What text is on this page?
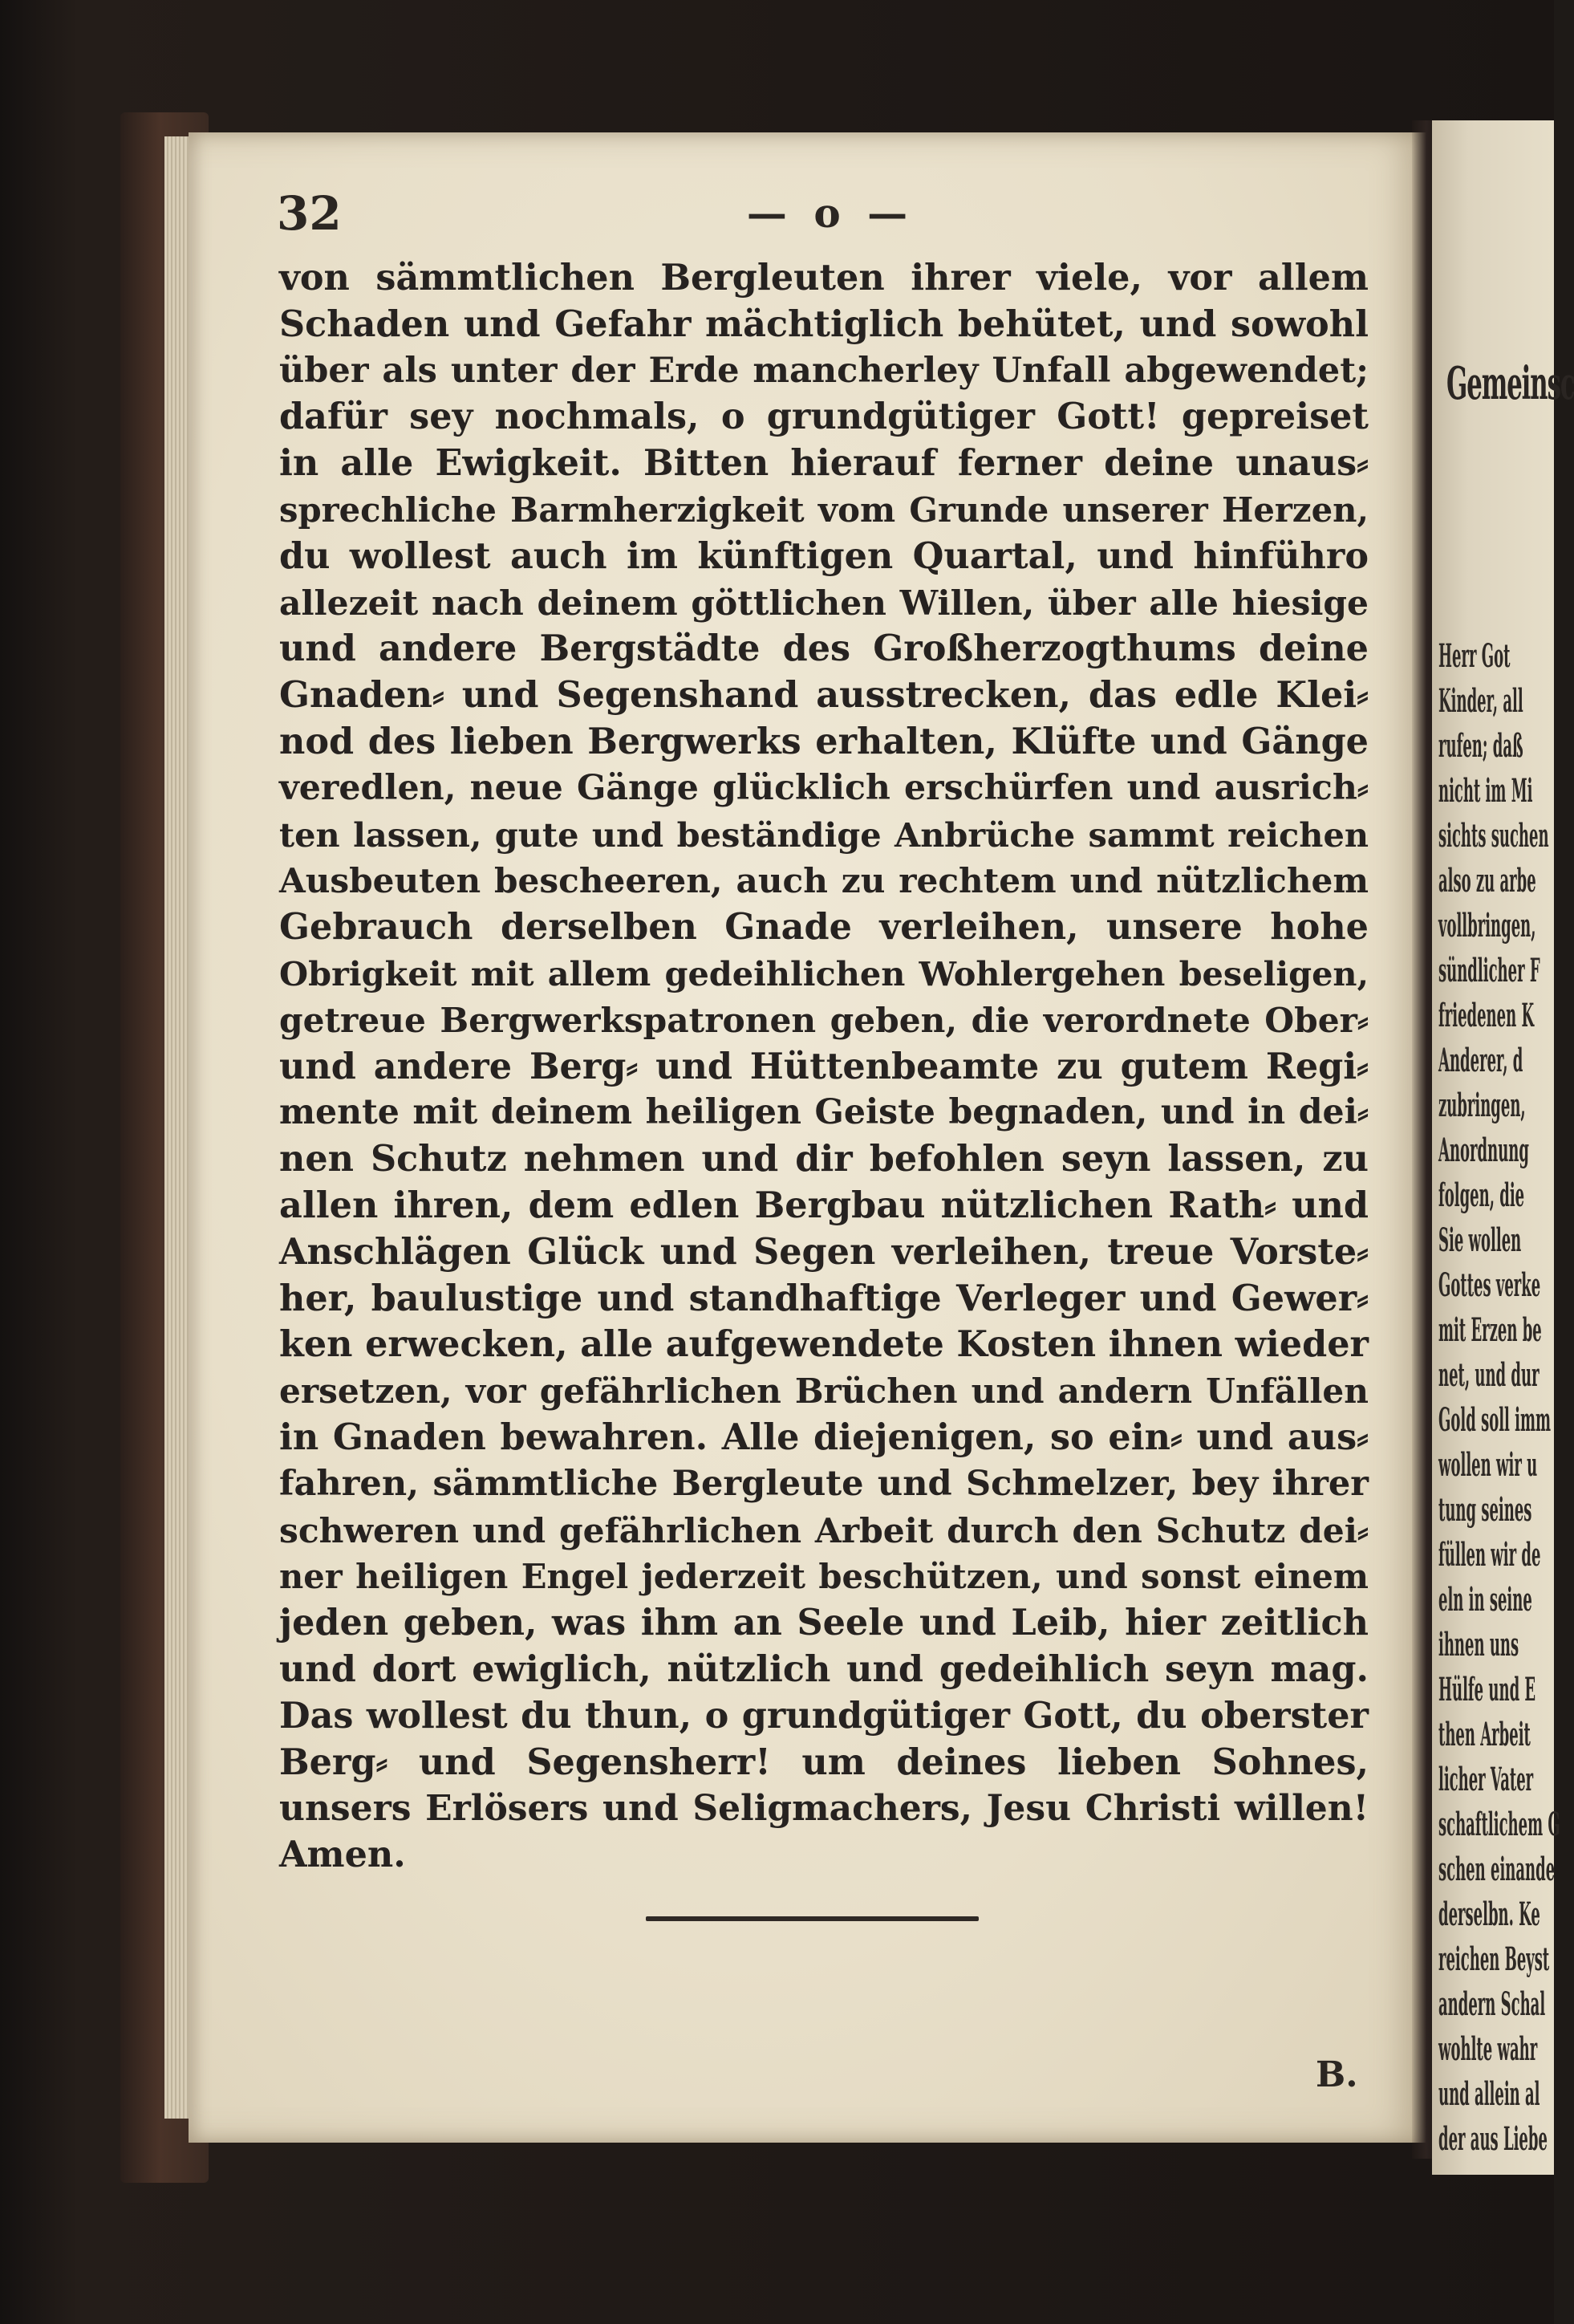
32	— o —
von sämmtlichen Bergleuten ihrer viele, vor allem
Schaden und Gefahr mächtiglich behütet, und sowohl
über als unter der Erde mancherley Unfall abgewendet;
dafür sey nochmals, o grundgütiger Gott! gepreiset
in alle Ewigkeit. Bitten hierauf ferner deine unaus⸗
sprechliche Barmherzigkeit vom Grunde unserer Herzen,
du wollest auch im künftigen Quartal, und hinführo
allezeit nach deinem göttlichen Willen, über alle hiesige
und andere Bergstädte des Großherzogthums deine
Gnaden⸗ und Segenshand ausstrecken, das edle Klei⸗
nod des lieben Bergwerks erhalten, Klüfte und Gänge
veredlen, neue Gänge glücklich erschürfen und ausrich⸗
ten lassen, gute und beständige Anbrüche sammt reichen
Ausbeuten bescheeren, auch zu rechtem und nützlichem
Gebrauch derselben Gnade verleihen, unsere hohe
Obrigkeit mit allem gedeihlichen Wohlergehen beseligen,
getreue Bergwerkspatronen geben, die verordnete Ober⸗
und andere Berg⸗ und Hüttenbeamte zu gutem Regi⸗
mente mit deinem heiligen Geiste begnaden, und in dei⸗
nen Schutz nehmen und dir befohlen seyn lassen, zu
allen ihren, dem edlen Bergbau nützlichen Rath⸗ und
Anschlägen Glück und Segen verleihen, treue Vorste⸗
her, baulustige und standhaftige Verleger und Gewer⸗
ken erwecken, alle aufgewendete Kosten ihnen wieder
ersetzen, vor gefährlichen Brüchen und andern Unfällen
in Gnaden bewahren. Alle diejenigen, so ein⸗ und aus⸗
fahren, sämmtliche Bergleute und Schmelzer, bey ihrer
schweren und gefährlichen Arbeit durch den Schutz dei⸗
ner heiligen Engel jederzeit beschützen, und sonst einem
jeden geben, was ihm an Seele und Leib, hier zeitlich
und dort ewiglich, nützlich und gedeihlich seyn mag.
Das wollest du thun, o grundgütiger Gott, du oberster
Berg⸗ und Segensherr! um deines lieben Sohnes,
unsers Erlösers und Seligmachers, Jesu Christi willen!
Amen.
B.
Gemeinsc
Herr Got
Kinder, all
rufen; daß
nicht im Mi
sichts suchen
also zu arbe
vollbringen,
sündlicher F
friedenen K
Anderer, d
zubringen,
Anordnung
folgen, die
Sie wollen
Gottes verke
mit Erzen be
net, und dur
Gold soll imm
wollen wir u
tung seines
füllen wir de
eln in seine
ihnen uns
Hülfe und E
then Arbeit
licher Vater
schaftlichem G
schen einande
derselbn. Ke
reichen Beyst
andern Schal
wohlte wahr
und allein al
der aus Liebe
